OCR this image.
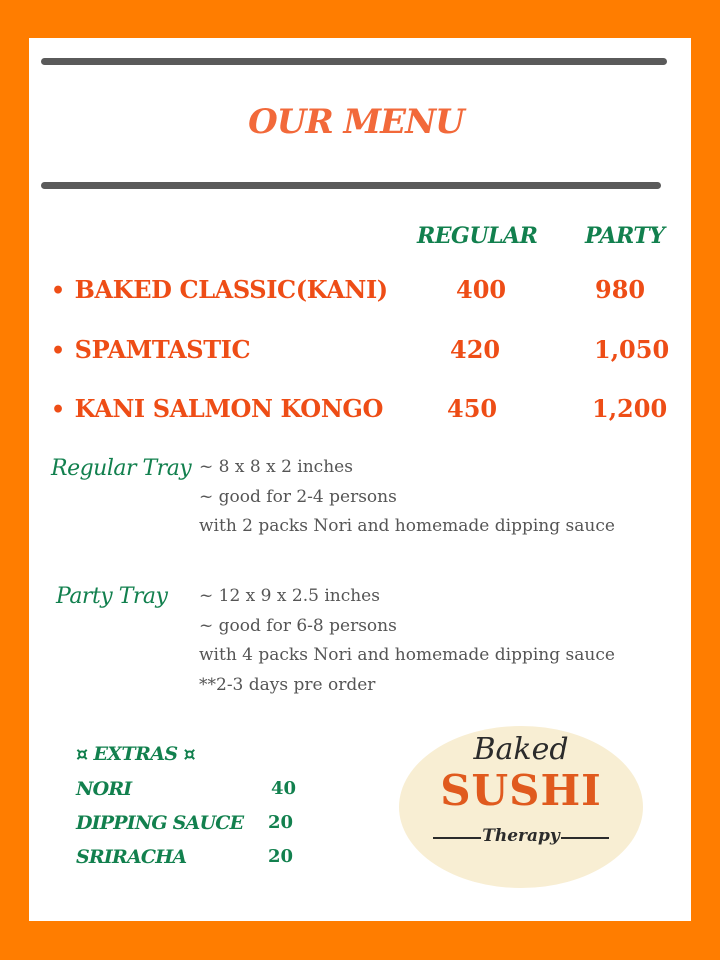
OUR MENU
REGULAR PARTY
• BAKED CLASSIC(KANI)	400	980
• SPAMTASTIC	420	1,050
• KANI SALMON KONGO	450	1,200
Regular Tray ~ 8 x 8 x 2 inches
~ good for 2-4 persons
with 2 packs Nori and homemade dipping sauce
Party Tray ~ 12 x 9 x 2.5 inches
~ good for 6-8 persons
with 4 packs Nori and homemade dipping sauce
**2-3 days pre order
¤ EXTRAS ¤
NORI	40
DIPPING SAUCE 20
SRIRACHA	20
Baked
SUSHI
Therapy
